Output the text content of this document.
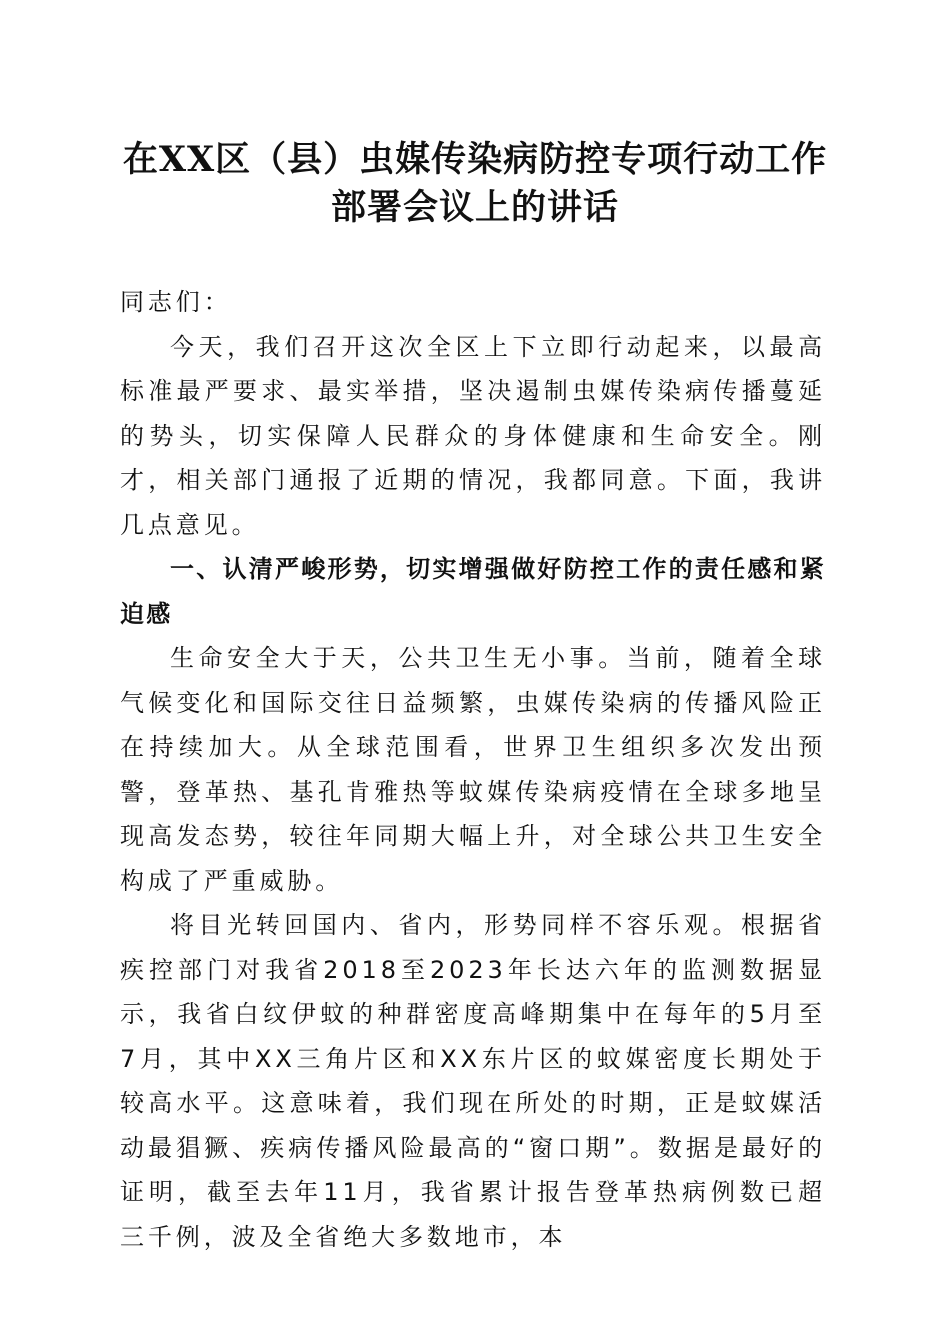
在XX区（县）虫媒传染病防控专项行动工作
部署会议上的讲话

同志们：

今天，我们召开这次全区上下立即行动起来，以最高标准最严要求、最实举措，坚决遏制虫媒传染病传播蔓延的势头，切实保障人民群众的身体健康和生命安全。刚才，相关部门通报了近期的情况，我都同意。下面，我讲几点意见。

一、认清严峻形势，切实增强做好防控工作的责任感和紧迫感

生命安全大于天，公共卫生无小事。当前，随着全球气候变化和国际交往日益频繁，虫媒传染病的传播风险正在持续加大。从全球范围看，世界卫生组织多次发出预警，登革热、基孔肯雅热等蚊媒传染病疫情在全球多地呈现高发态势，较往年同期大幅上升，对全球公共卫生安全构成了严重威胁。

将目光转回国内、省内，形势同样不容乐观。根据省疾控部门对我省2018至2023年长达六年的监测数据显示，我省白纹伊蚊的种群密度高峰期集中在每年的5月至7月，其中XX三角片区和XX东片区的蚊媒密度长期处于较高水平。这意味着，我们现在所处的时期，正是蚊媒活动最猖獗、疾病传播风险最高的“窗口期”。数据是最好的证明，截至去年11月，我省累计报告登革热病例数已超三千例，波及全省绝大多数地市，本
